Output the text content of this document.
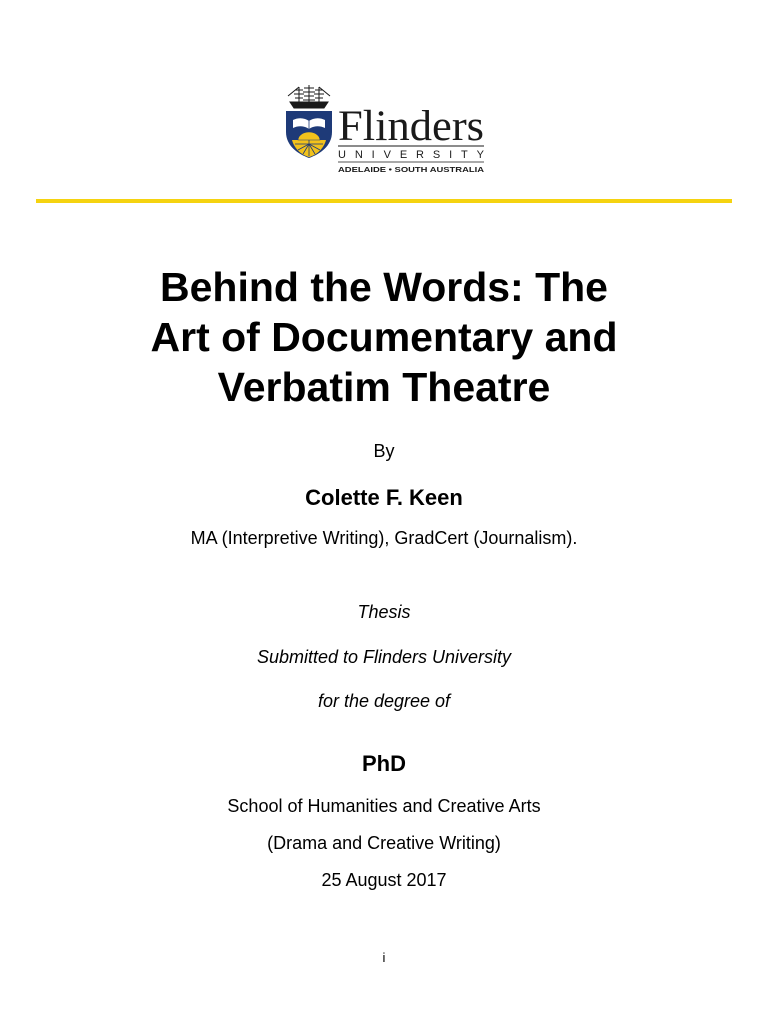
Flinders
UNIVERSITY
ADELAIDE • SOUTH AUSTRALIA
Behind the Words: The
Art of Documentary and
Verbatim Theatre

By

Colette F. Keen

MA (Interpretive Writing), GradCert (Journalism).

Thesis

Submitted to Flinders University

for the degree of

PhD

School of Humanities and Creative Arts

(Drama and Creative Writing)

25 August 2017

i
